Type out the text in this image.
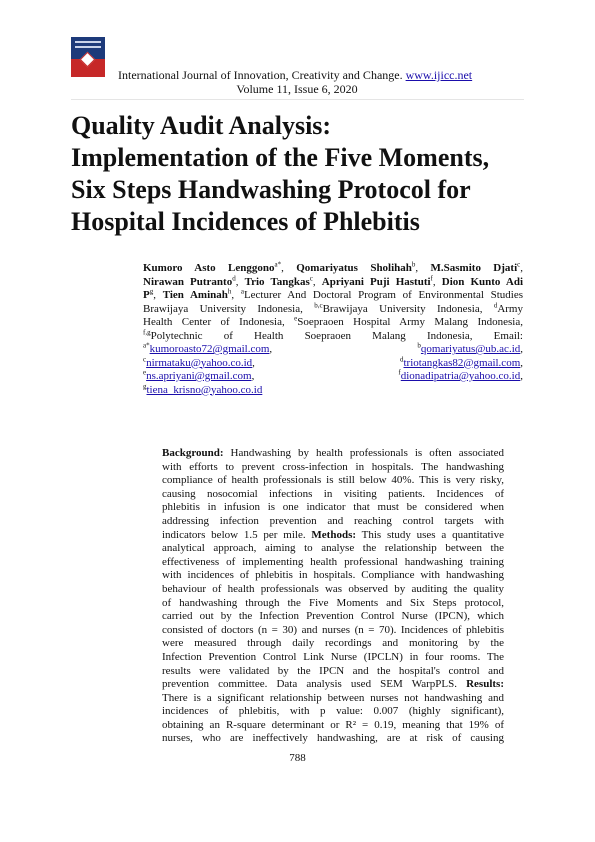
International Journal of Innovation, Creativity and Change. www.ijicc.net
Volume 11, Issue 6, 2020
Quality Audit Analysis:
Implementation of the Five Moments,
Six Steps Handwashing Protocol for
Hospital Incidences of Phlebitis
Kumoro Asto Lenggono$^{a*}$, Qomariyatus Sholihah$^b$, M.Sasmito Djati$^c$,
Nirawan Putranto$^d$, Trio Tangkas$^c$, Apriyani Puji Hastuti$^f$, Dion Kunto Adi
$P^g$, Tien Aminah$^h$, $^a$Lecturer And Doctoral Program of Environmental Studies
Brawijaya University Indonesia, $^{b,c}$Brawijaya University Indonesia, $^d$Army
Health Center of Indonesia, $^e$Soepraoen Hospital Army Malang Indonesia,
$^{f,g}$Polytechnic of Health Soepraoen Malang Indonesia, Email:
$^{a*}$kumoroasto72@gmail.com,	$^b$qomariyatus@ub.ac.id,
$^c$nirmataku@yahoo.co.id,	$^d$triotangkas82@gmail.com,
$^e$ns.apriyani@gmail.com,	$^f$dionadipatria@yahoo.co.id,
$^g$tiena_krisno@yahoo.co.id
Background: Handwashing by health professionals is often associated
with efforts to prevent cross-infection in hospitals. The handwashing
compliance of health professionals is still below 40%. This is very risky,
causing nosocomial infections in visiting patients. Incidences of
phlebitis in infusion is one indicator that must be considered when
addressing infection prevention and reaching control targets with
indicators below 1.5 per mile. Methods: This study uses a quantitative
analytical approach, aiming to analyse the relationship between the
effectiveness of implementing health professional handwashing training
with incidences of phlebitis in hospitals. Compliance with handwashing
behaviour of health professionals was observed by auditing the quality
of handwashing through the Five Moments and Six Steps protocol,
carried out by the Infection Prevention Control Nurse (IPCN), which
consisted of doctors (n = 30) and nurses (n = 70). Incidences of phlebitis
were measured through daily recordings and monitoring by the
Infection Prevention Control Link Nurse (IPCLN) in four rooms. The
results were validated by the IPCN and the hospital's control and
prevention committee. Data analysis used SEM WarpPLS. Results:
There is a significant relationship between nurses not handwashing and
incidences of phlebitis, with p value: 0.007 (highly significant),
obtaining an R-square determinant or R² = 0.19, meaning that 19% of
nurses, who are ineffectively handwashing, are at risk of causing
788
